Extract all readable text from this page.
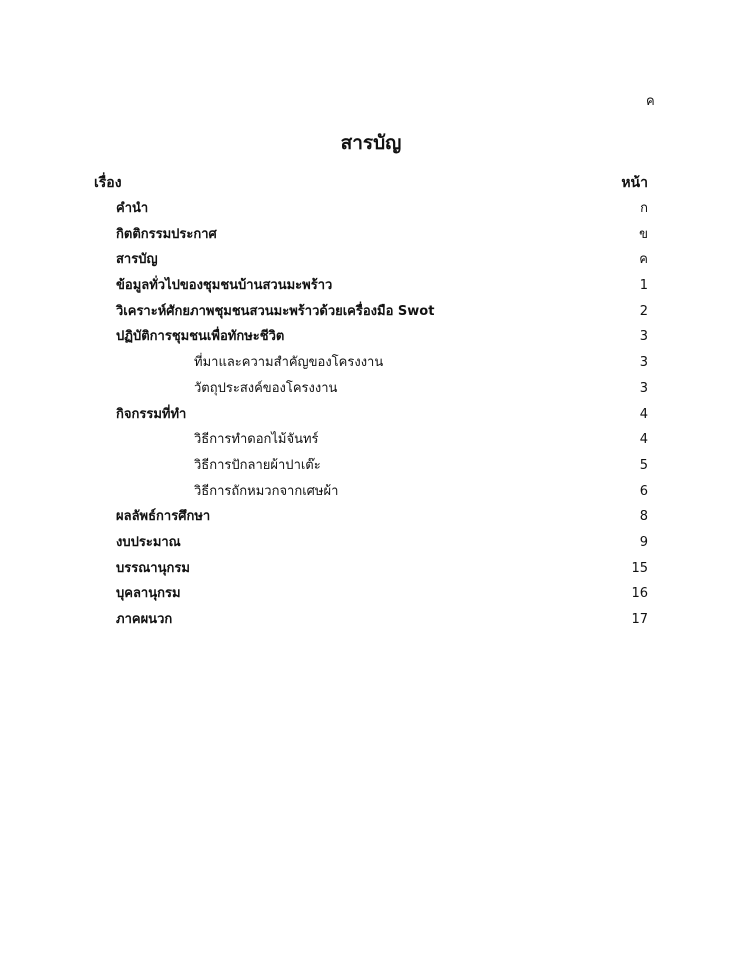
ค
สารบัญ
เรื่อง	หน้า
คำนำ	ก
กิตติกรรมประกาศ	ข
สารบัญ	ค
ข้อมูลทั่วไปของชุมชนบ้านสวนมะพร้าว	1
วิเคราะห์ศักยภาพชุมชนสวนมะพร้าวด้วยเครื่องมือ Swot	2
ปฏิบัติการชุมชนเพื่อทักษะชีวิต	3
ที่มาและความสำคัญของโครงงาน	3
วัตถุประสงค์ของโครงงาน	3
กิจกรรมที่ทำ	4
วิธีการทำดอกไม้จันทร์	4
วิธีการปักลายผ้าปาเต๊ะ	5
วิธีการถักหมวกจากเศษผ้า	6
ผลลัพธ์การศึกษา	8
งบประมาณ	9
บรรณานุกรม	15
บุคลานุกรม	16
ภาคผนวก	17
